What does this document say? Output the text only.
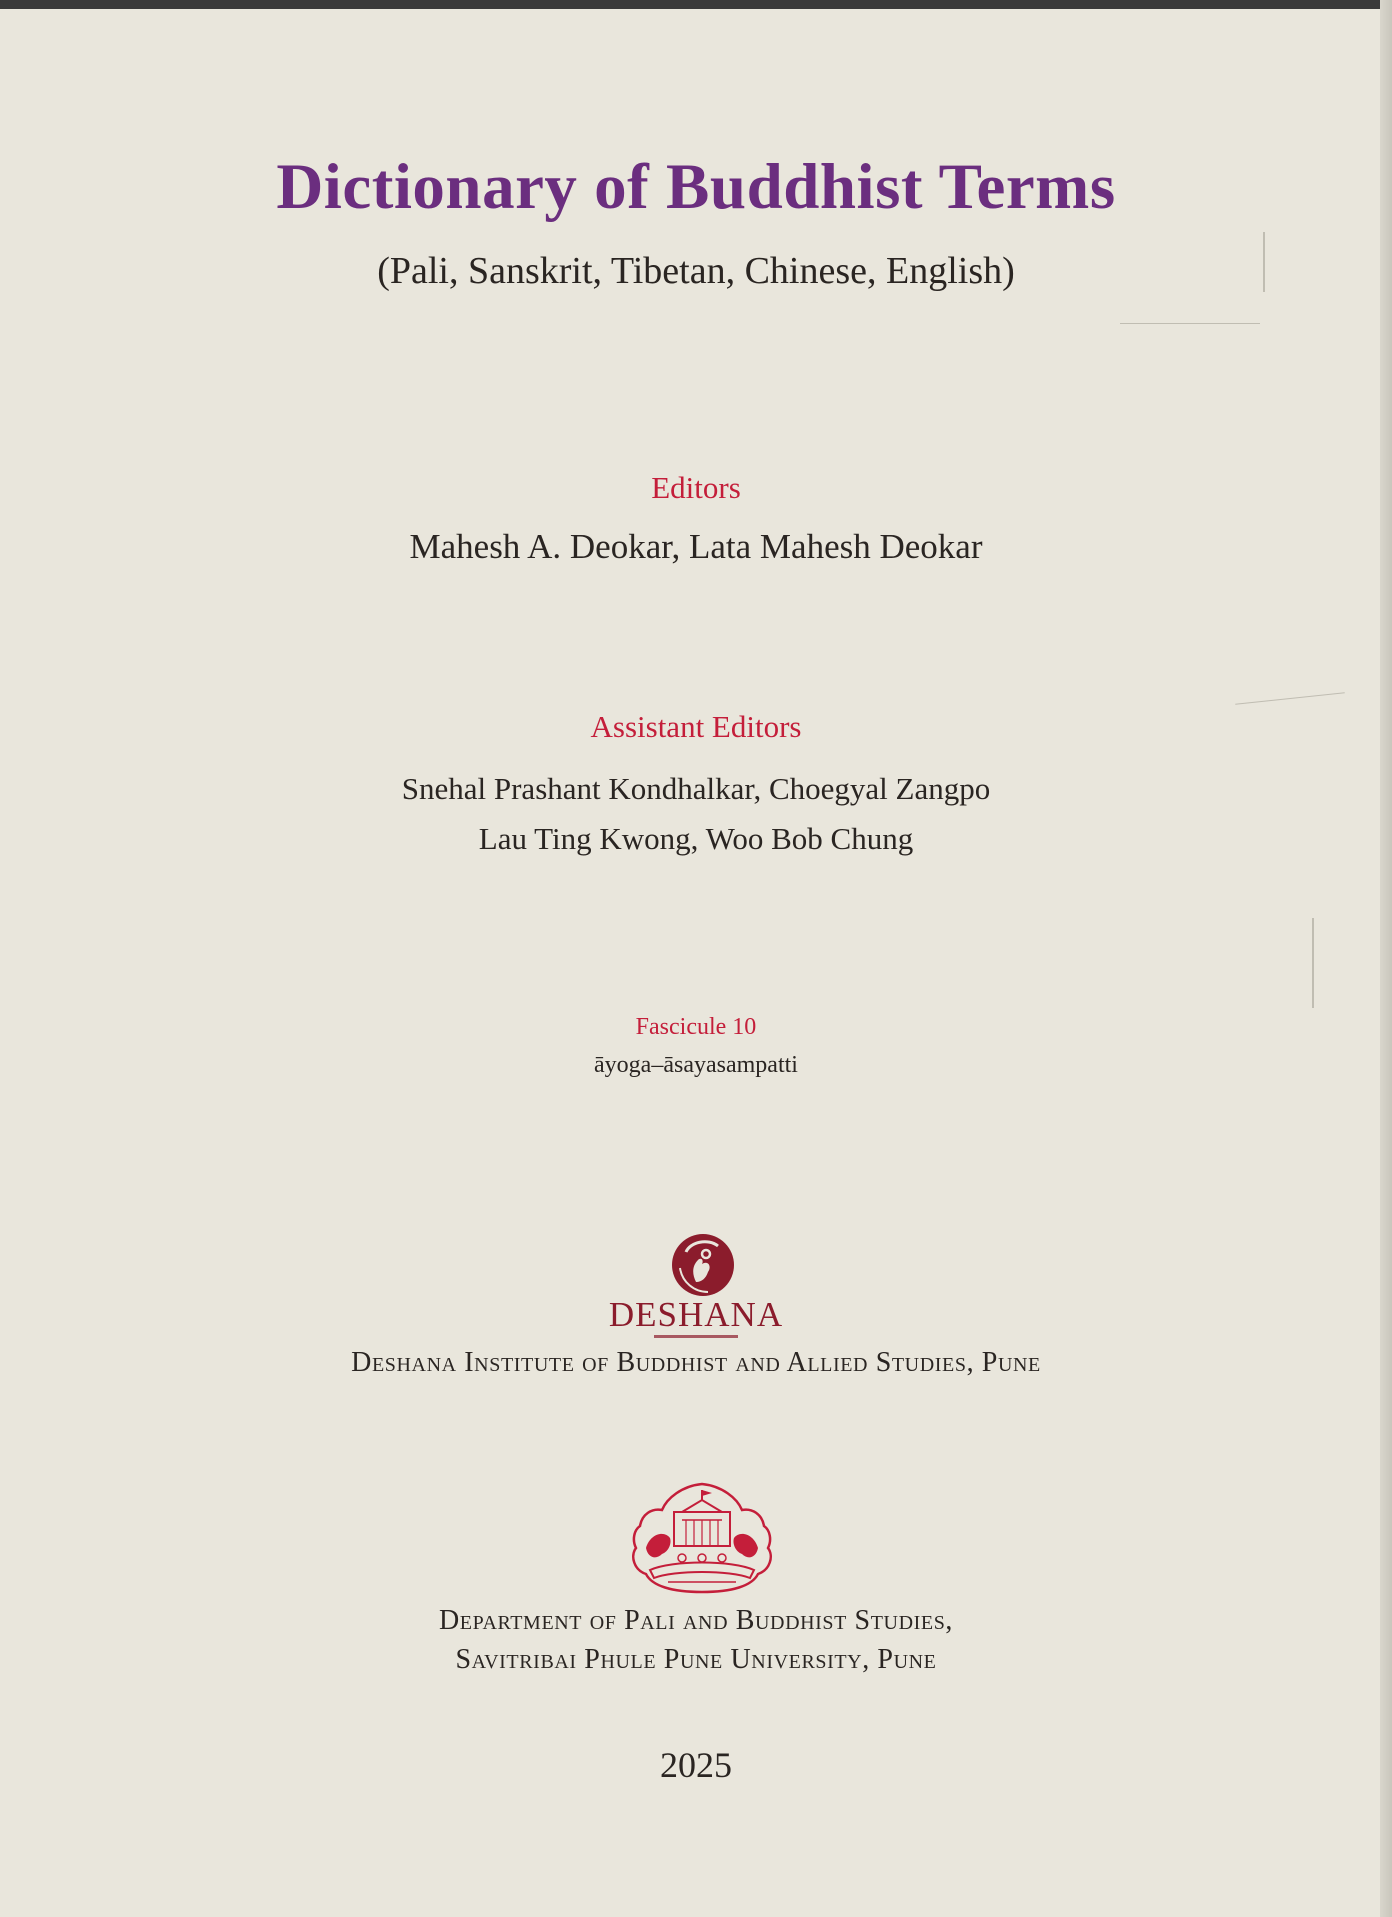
Dictionary of Buddhist Terms
(Pali, Sanskrit, Tibetan, Chinese, English)
Editors
Mahesh A. Deokar, Lata Mahesh Deokar
Assistant Editors
Snehal Prashant Kondhalkar, Choegyal Zangpo
Lau Ting Kwong, Woo Bob Chung
Fascicule 10
āyoga–āsayasampatti
DESHANA
Deshana Institute of Buddhist and Allied Studies, Pune
Department of Pali and Buddhist Studies,
Savitribai Phule Pune University, Pune
2025
